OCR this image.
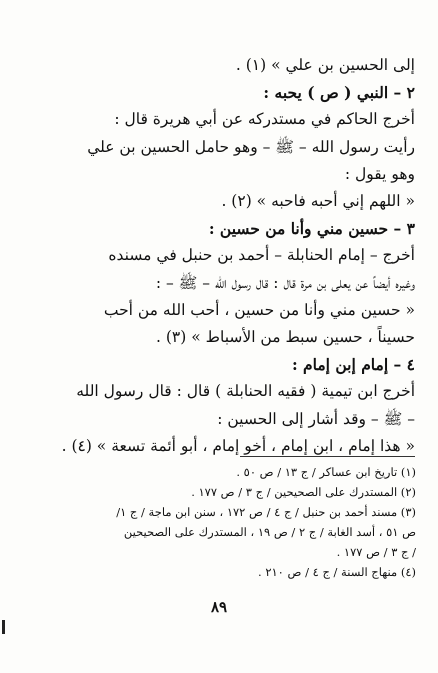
إلى الحسين بن علي » (١) .
٢ – النبي ( ص ) يحبه :
أخرج الحاكم في مستدركه عن أبي هريرة قال :
رأيت رسول الله – ﷺ – وهو حامل الحسين بن علي
وهو يقول :
« اللهم إني أحبه فاحبه » (٢) .
٣ – حسين مني وأنا من حسين :
أخرج – إمام الحنابلة – أحمد بن حنبل في مسنده
وغيره أيضاً عن يعلى بن مرة قال : قال رسول الله – ﷺ – :
« حسين مني وأنا من حسين ، أحب الله من أحب
حسيناً ، حسين سبط من الأسباط » (٣) .
٤ – إمام إبن إمام :
أخرج ابن تيمية ( فقيه الحنابلة ) قال : قال رسول الله
– ﷺ – وقد أشار إلى الحسين :
« هذا إمام ، ابن إمام ، أخو إمام ، أبو أئمة تسعة » (٤) .
(١) تاريخ ابن عساكر / ج ١٣ / ص ٥٠ .
(٢) المستدرك على الصحيحين / ج ٣ / ص ١٧٧ .
(٣) مسند أحمد بن حنبل / ج ٤ / ص ١٧٢ ، سنن ابن ماجة / ج ١/
ص ٥١ ، أسد الغابة / ج ٢ / ص ١٩ ، المستدرك على الصحيحين
/ ج ٣ / ص ١٧٧ .
(٤) منهاج السنة / ج ٤ / ص ٢١٠ .
٨٩
